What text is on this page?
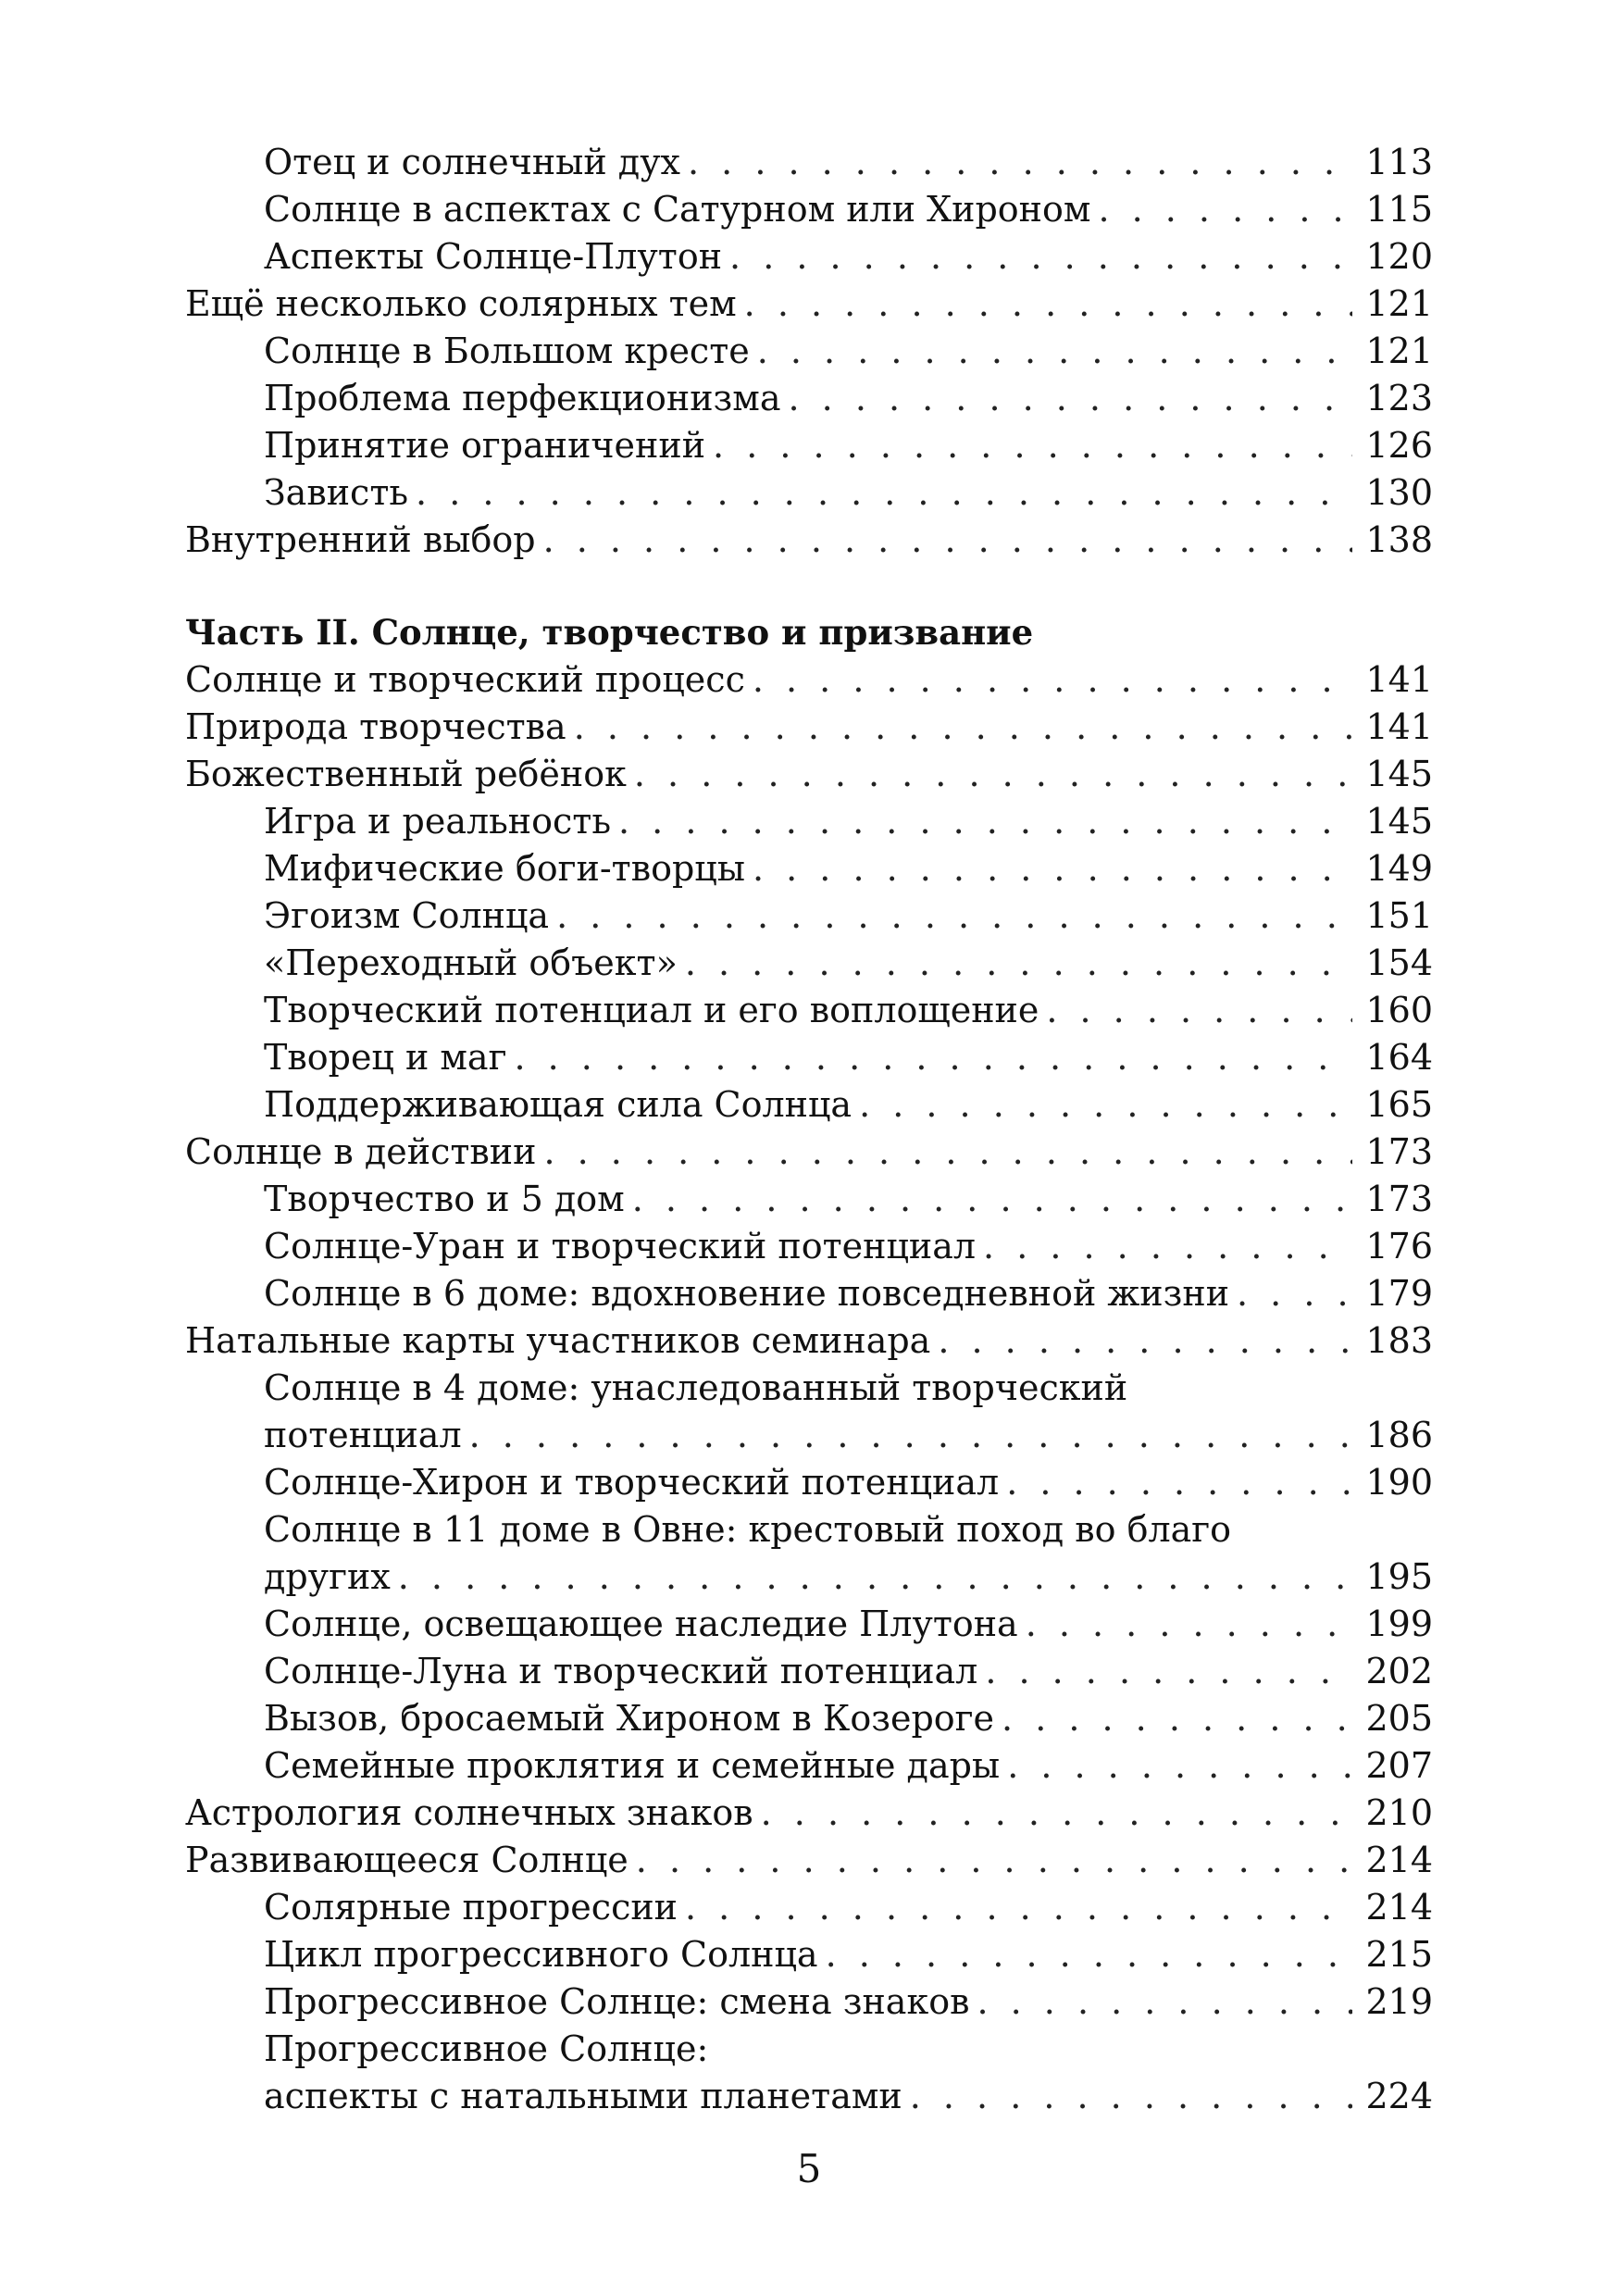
Отец и солнечный дух . . .	113
Солнце в аспектах с Сатурном или Хироном . . .	115
Аспекты Солнце-Плутон . . .	120
Ещё несколько солярных тем . . .	121
Солнце в Большом кресте . . .	121
Проблема перфекционизма . . .	123
Принятие ограничений . . .	126
Зависть . . .	130
Внутренний выбор . . .	138
Часть II. Солнце, творчество и призвание
Солнце и творческий процесс . . .	141
Природа творчества . . .	141
Божественный ребёнок . . .	145
Игра и реальность . . .	145
Мифические боги-творцы . . .	149
Эгоизм Солнца . . .	151
«Переходный объект» . . .	154
Творческий потенциал и его воплощение . . .	160
Творец и маг . . .	164
Поддерживающая сила Солнца . . .	165
Солнце в действии . . .	173
Творчество и 5 дом . . .	173
Солнце-Уран и творческий потенциал . . .	176
Солнце в 6 доме: вдохновение повседневной жизни . . .	179
Натальные карты участников семинара . . .	183
Солнце в 4 доме: унаследованный творческий
потенциал . . .	186
Солнце-Хирон и творческий потенциал . . .	190
Солнце в 11 доме в Овне: крестовый поход во благо
других . . .	195
Солнце, освещающее наследие Плутона . . .	199
Солнце-Луна и творческий потенциал . . .	202
Вызов, бросаемый Хироном в Козероге . . .	205
Семейные проклятия и семейные дары . . .	207
Астрология солнечных знаков . . .	210
Развивающееся Солнце . . .	214
Солярные прогрессии . . .	214
Цикл прогрессивного Солнца . . .	215
Прогрессивное Солнце: смена знаков . . .	219
Прогрессивное Солнце:
аспекты с натальными планетами . . .	224
5
